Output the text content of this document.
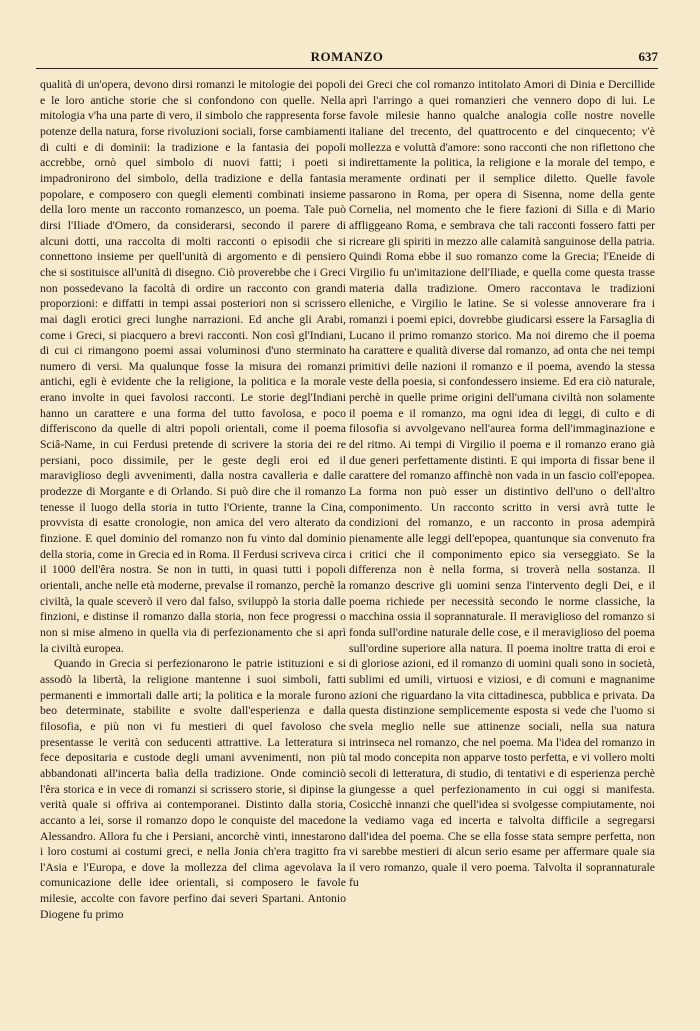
ROMANZO	637

qualità di un'opera, devono dirsi romanzi le mitologie dei popoli e le loro antiche storie che si confondono con quelle. Nella mitologia v'ha una parte di vero, il simbolo che rappresenta forse potenze della natura, forse rivoluzioni sociali, forse cambiamenti di culti e di dominii: la tradizione e la fantasia dei popoli accrebbe, ornò quel simbolo di nuovi fatti; i poeti si impadronirono del simbolo, della tradizione e della fantasia popolare, e composero con quegli elementi combinati insieme della loro mente un racconto romanzesco, un poema. Tale può dirsi l'Iliade d'Omero, da considerarsi, secondo il parere di alcuni dotti, una raccolta di molti racconti o episodii che si connettono insieme per quell'unità di argomento e di pensiero che si sostituisce all'unità di disegno. Ciò proverebbe che i Greci non possedevano la facoltà di ordire un racconto con grandi proporzioni: e diffatti in tempi assai posteriori non si scrissero mai dagli erotici greci lunghe narrazioni. Ed anche gli Arabi, come i Greci, si piacquero a brevi racconti. Non così gl'Indiani, di cui ci rimangono poemi assai voluminosi d'uno sterminato numero di versi. Ma qualunque fosse la misura dei romanzi antichi, egli è evidente che la religione, la politica e la morale erano involte in quei favolosi racconti. Le storie degl'Indiani hanno un carattere e una forma del tutto favolosa, e poco differiscono da quelle di altri popoli orientali, come il poema Sciâ-Name, in cui Ferdusi pretende di scrivere la storia dei re persiani, poco dissimile, per le geste degli eroi ed il maraviglioso degli avvenimenti, dalla nostra cavalleria e dalle prodezze di Morgante e di Orlando. Si può dire che il romanzo tenesse il luogo della storia in tutto l'Oriente, tranne la Cina, provvista di esatte cronologie, non amica del vero alterato da finzione. E quel dominio del romanzo non fu vinto dal dominio della storia, come in Grecia ed in Roma. Il Ferdusi scriveva circa il 1000 dell'êra nostra. Se non in tutti, in quasi tutti i popoli orientali, anche nelle età moderne, prevalse il romanzo, perchè la civiltà, la quale sceverò il vero dal falso, sviluppò la storia dalle finzioni, e distinse il romanzo dalla storia, non fece progressi o non si mise almeno in quella via di perfezionamento che si aprì la civiltà europea.

Quando in Grecia si perfezionarono le patrie istituzioni e si assodò la libertà, la religione mantenne i suoi simboli, fatti permanenti e immortali dalle arti; la politica e la morale furono beo determinate, stabilite e svolte dall'esperienza e dalla filosofia, e più non vi fu mestieri di quel favoloso che presentasse le verità con seducenti attrattive. La letteratura si fece depositaria e custode degli umani avvenimenti, non più abbandonati all'incerta balìa della tradizione. Onde cominciò l'êra storica e in vece di romanzi si scrissero storie, si dipinse la verità quale si offriva ai contemporanei. Distinto dalla storia, accanto a lei, sorse il romanzo dopo le conquiste del macedone Alessandro. Allora fu che i Persiani, ancorchè vinti, innestarono i loro costumi ai costumi greci, e nella Jonia ch'era tragitto fra l'Asia e l'Europa, e dove la mollezza del clima agevolava la comunicazione delle idee orientali, si composero le favole milesie, accolte con favore perfino dai severi Spartani. Antonio Diogene fu primo

dei Greci che col romanzo intitolato Amori di Dinia e Dercillide aprì l'arringo a quei romanzieri che vennero dopo di lui. Le favole milesie hanno qualche analogia colle nostre novelle italiane del trecento, del quattrocento e del cinquecento; v'è mollezza e voluttà d'amore: sono racconti che non riflettono che indirettamente la politica, la religione e la morale del tempo, e meramente ordinati per il semplice diletto. Quelle favole passarono in Roma, per opera di Sisenna, nome della gente Cornelia, nel momento che le fiere fazioni di Silla e di Mario affliggeano Roma, e sembrava che tali racconti fossero fatti per ricreare gli spiriti in mezzo alle calamità sanguinose della patria. Quindi Roma ebbe il suo romanzo come la Grecia; l'Eneide di Virgilio fu un'imitazione dell'Iliade, e quella come questa trasse materia dalla tradizione. Omero raccontava le tradizioni elleniche, e Virgilio le latine. Se si volesse annoverare fra i romanzi i poemi epici, dovrebbe giudicarsi essere la Farsaglia di Lucano il primo romanzo storico. Ma noi diremo che il poema ha carattere e qualità diverse dal romanzo, ad onta che nei tempi primitivi delle nazioni il romanzo e il poema, avendo la stessa veste della poesia, si confondessero insieme. Ed era ciò naturale, perchè in quelle prime origini dell'umana civiltà non solamente il poema e il romanzo, ma ogni idea di leggi, di culto e di filosofia si avvolgevano nell'aurea forma dell'immaginazione e del ritmo. Ai tempi di Virgilio il poema e il romanzo erano già due generi perfettamente distinti. E qui importa di fissar bene il carattere del romanzo affinchè non vada in un fascio coll'epopea. La forma non può esser un distintivo dell'uno o dell'altro componimento. Un racconto scritto in versi avrà tutte le condizioni del romanzo, e un racconto in prosa adempirà pienamente alle leggi dell'epopea, quantunque sia convenuto fra i critici che il componimento epico sia verseggiato. Se la differenza non è nella forma, si troverà nella sostanza. Il romanzo descrive gli uomini senza l'intervento degli Dei, e il poema richiede per necessità secondo le norme classiche, la macchina ossia il soprannaturale. Il meraviglioso del romanzo si fonda sull'ordine naturale delle cose, e il meraviglioso del poema sull'ordine superiore alla natura. Il poema inoltre tratta di eroi e di gloriose azioni, ed il romanzo di uomini quali sono in società, sublimi ed umili, virtuosi e viziosi, e di comuni e magnanime azioni che riguardano la vita cittadinesca, pubblica e privata. Da questa distinzione semplicemente esposta si vede che l'uomo si svela meglio nelle sue attinenze sociali, nella sua natura intrinseca nel romanzo, che nel poema. Ma l'idea del romanzo in tal modo concepita non apparve tosto perfetta, e vi vollero molti secoli di letteratura, di studio, di tentativi e di esperienza perchè giungesse a quel perfezionamento in cui oggi si manifesta. Cosicchè innanzi che quell'idea si svolgesse compiutamente, noi la vediamo vaga ed incerta e talvolta difficile a segregarsi dall'idea del poema. Che se ella fosse stata sempre perfetta, non vi sarebbe mestieri di alcun serio esame per affermare quale sia il vero romanzo, quale il vero poema. Talvolta il soprannaturale fu
